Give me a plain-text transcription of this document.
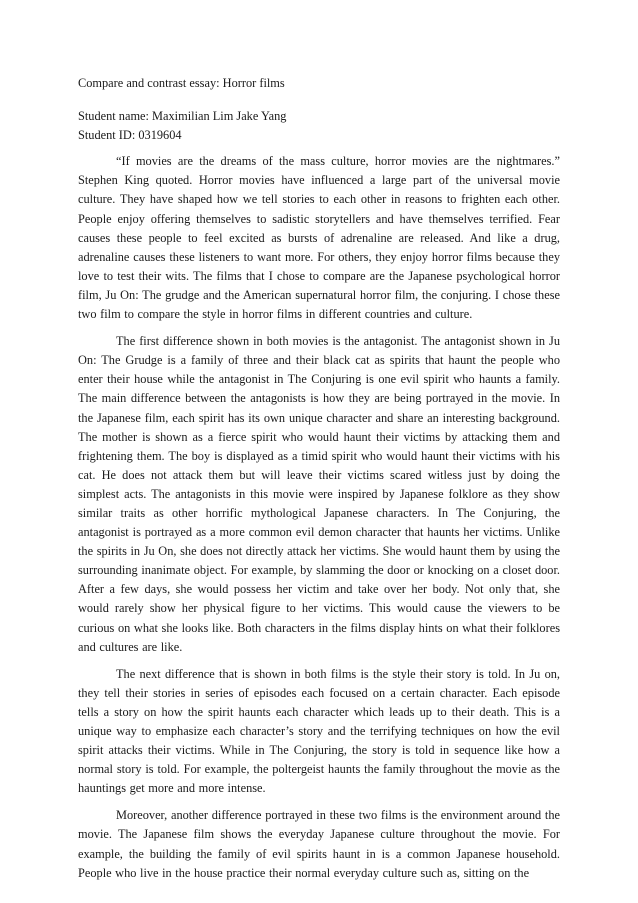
Compare and contrast essay: Horror films

Student name: Maximilian Lim Jake Yang

Student ID: 0319604

“If movies are the dreams of the mass culture, horror movies are the nightmares.” Stephen King quoted. Horror movies have influenced a large part of the universal movie culture. They have shaped how we tell stories to each other in reasons to frighten each other. People enjoy offering themselves to sadistic storytellers and have themselves terrified. Fear causes these people to feel excited as bursts of adrenaline are released. And like a drug, adrenaline causes these listeners to want more. For others, they enjoy horror films because they love to test their wits. The films that I chose to compare are the Japanese psychological horror film, Ju On: The grudge and the American supernatural horror film, the conjuring. I chose these two film to compare the style in horror films in different countries and culture.

The first difference shown in both movies is the antagonist. The antagonist shown in Ju On: The Grudge is a family of three and their black cat as spirits that haunt the people who enter their house while the antagonist in The Conjuring is one evil spirit who haunts a family. The main difference between the antagonists is how they are being portrayed in the movie. In the Japanese film, each spirit has its own unique character and share an interesting background. The mother is shown as a fierce spirit who would haunt their victims by attacking them and frightening them. The boy is displayed as a timid spirit who would haunt their victims with his cat. He does not attack them but will leave their victims scared witless just by doing the simplest acts. The antagonists in this movie were inspired by Japanese folklore as they show similar traits as other horrific mythological Japanese characters. In The Conjuring, the antagonist is portrayed as a more common evil demon character that haunts her victims. Unlike the spirits in Ju On, she does not directly attack her victims. She would haunt them by using the surrounding inanimate object. For example, by slamming the door or knocking on a closet door. After a few days, she would possess her victim and take over her body. Not only that, she would rarely show her physical figure to her victims. This would cause the viewers to be curious on what she looks like. Both characters in the films display hints on what their folklores and cultures are like.

The next difference that is shown in both films is the style their story is told. In Ju on, they tell their stories in series of episodes each focused on a certain character. Each episode tells a story on how the spirit haunts each character which leads up to their death. This is a unique way to emphasize each character’s story and the terrifying techniques on how the evil spirit attacks their victims. While in The Conjuring, the story is told in sequence like how a normal story is told. For example, the poltergeist haunts the family throughout the movie as the hauntings get more and more intense.

Moreover, another difference portrayed in these two films is the environment around the movie. The Japanese film shows the everyday Japanese culture throughout the movie. For example, the building the family of evil spirits haunt in is a common Japanese household. People who live in the house practice their normal everyday culture such as, sitting on the
